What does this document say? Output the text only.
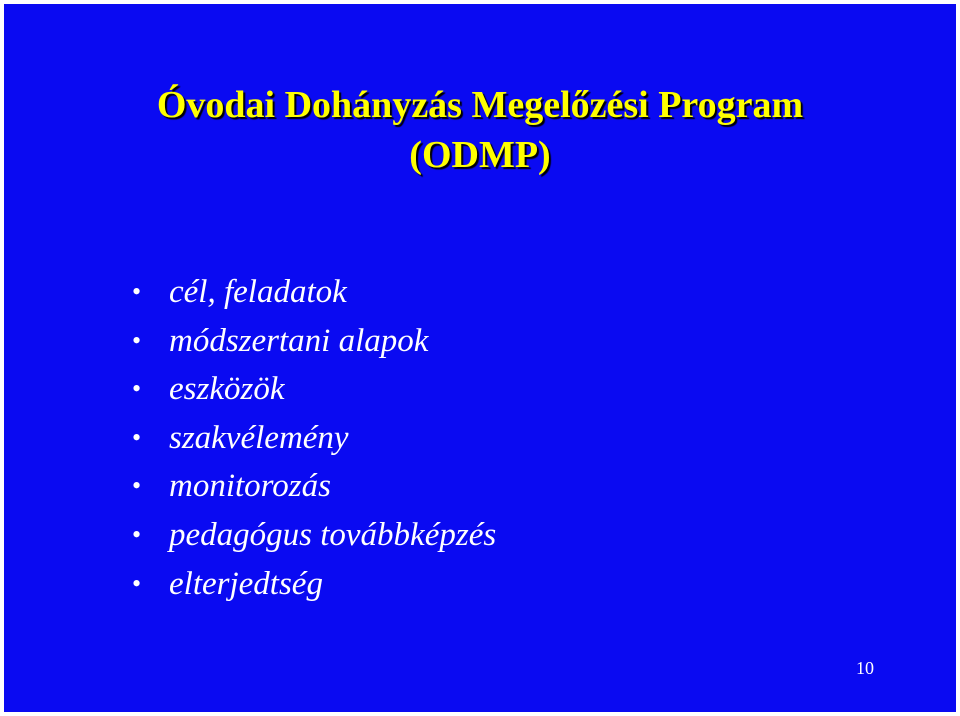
Óvodai Dohányzás Megelőzési Program
(ODMP)
• cél, feladatok
• módszertani alapok
• eszközök
• szakvélemény
• monitorozás
• pedagógus továbbképzés
• elterjedtség
10
